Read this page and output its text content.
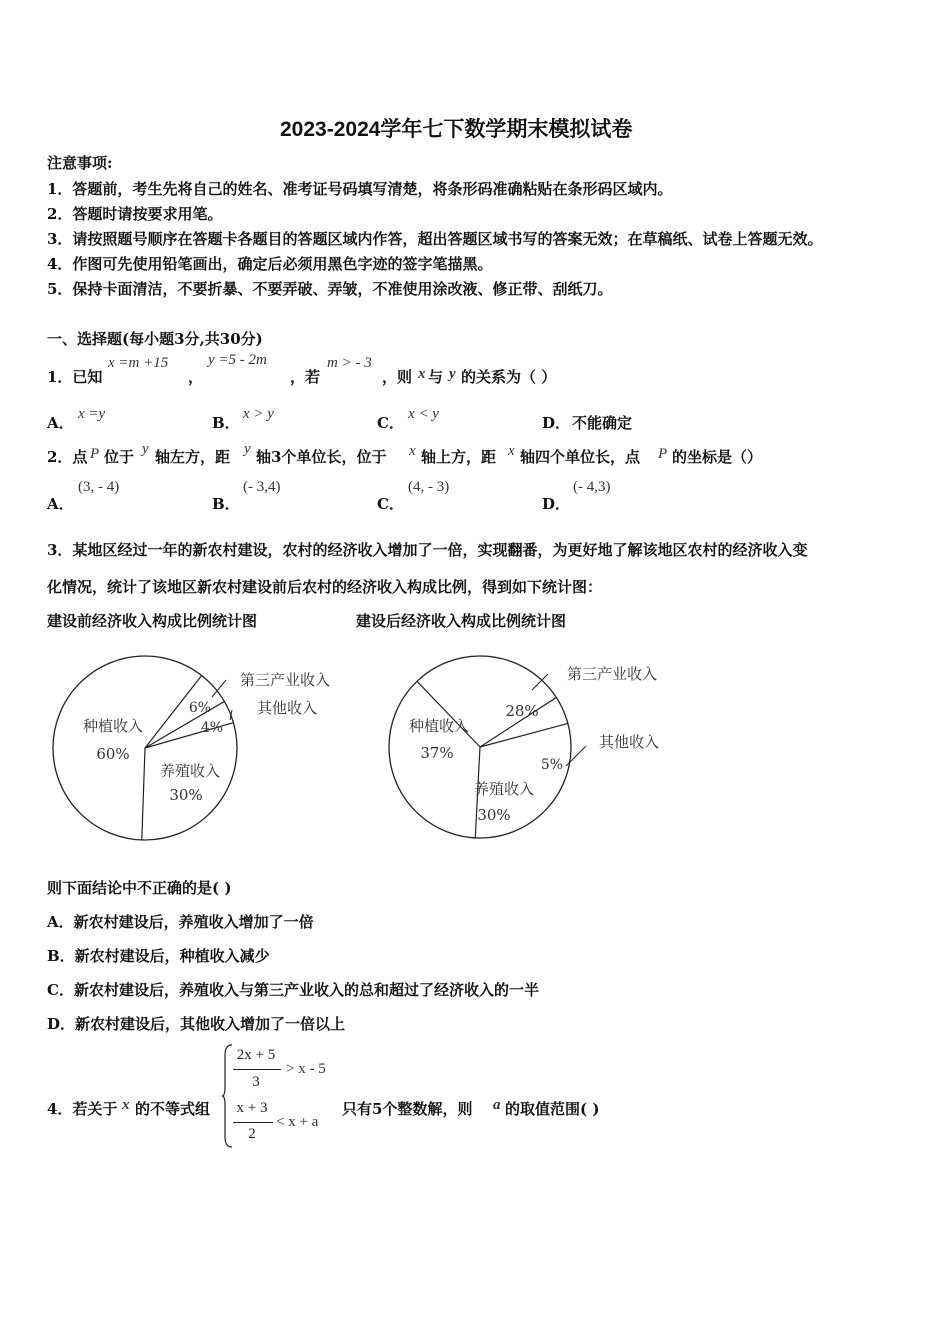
2023-2024学年七下数学期末模拟试卷
注意事项:
1．答题前，考生先将自己的姓名、准考证号码填写清楚，将条形码准确粘贴在条形码区域内。
2．答题时请按要求用笔。
3．请按照题号顺序在答题卡各题目的答题区域内作答，超出答题区域书写的答案无效；在草稿纸、试卷上答题无效。
4．作图可先使用铅笔画出，确定后必须用黑色字迹的签字笔描黑。
5．保持卡面清洁，不要折暴、不要弄破、弄皱，不准使用涂改液、修正带、刮纸刀。
一、选择题(每小题3分,共30分)
1．已知
x =m +15
，
y =5 - 2m
，若
m > - 3
，则 x 与 y 的关系为（ ）
A． x =y	B． x > y	C． x < y	D． 不能确定
2．点 P 位于 y 轴左方，距 y 轴3个单位长，位于 x 轴上方，距 x 轴四个单位长，点 P 的坐标是（）
A．
(3, - 4)
B．
(- 3,4)
C．
(4, - 3)
D．
(- 4,3)
3．某地区经过一年的新农村建设，农村的经济收入增加了一倍，实现翻番，为更好地了解该地区农村的经济收入变
化情况，统计了该地区新农村建设前后农村的经济收入构成比例，得到如下统计图：
建设前经济收入构成比例统计图	建设后经济收入构成比例统计图
种植收入
60%
6%
4%
养殖收入
30%
第三产业收入
其他收入
种植收入
37%
28%
5%
养殖收入
30%
第三产业收入
其他收入
则下面结论中不正确的是( )
A．新农村建设后，养殖收入增加了一倍
B．新农村建设后，种植收入减少
C．新农村建设后，养殖收入与第三产业收入的总和超过了经济收入的一半
D．新农村建设后，其他收入增加了一倍以上
4．若关于 x 的不等式组
2x + 5
3
> x - 5
x + 3
2
< x + a
只有5个整数解，则 a 的取值范围( )
